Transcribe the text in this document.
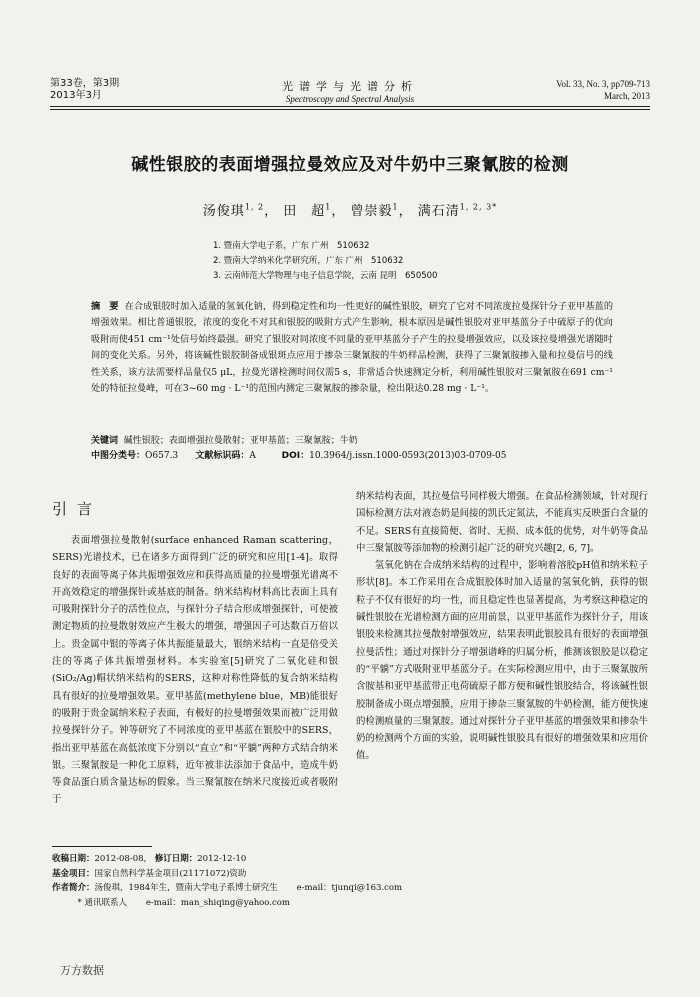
第33卷，第3期
2013年3月
光谱学与光谱分析
Spectroscopy and Spectral Analysis
Vol. 33, No. 3, pp709-713
March, 2013
碱性银胶的表面增强拉曼效应及对牛奶中三聚氰胺的检测
汤俊琪$^{1, 2}$， 田　超$^1$， 曾崇毅$^1$， 满石清$^{1, 2, 3*}$
1. 暨南大学电子系，广东 广州　510632
2. 暨南大学纳米化学研究所，广东 广州　510632
3. 云南师范大学物理与电子信息学院，云南 昆明　650500
摘　要 在合成银胶时加入适量的氢氧化钠，得到稳定性和均一性更好的碱性银胶，研究了它对不同浓度拉曼探针分子亚甲基蓝的增强效果。相比普通银胶，浓度的变化不对其和银胶的吸附方式产生影响，根本原因是碱性银胶对亚甲基蓝分子中硫原子的优向吸附而使451 cm⁻¹处信号始终最强。研究了银胶对同浓度不同量的亚甲基蓝分子产生的拉曼增强效应，以及该拉曼增强光谱随时间的变化关系。另外，将该碱性银胶制备成银斑点应用于掺杂三聚氰胺的牛奶样品检测，获得了三聚氰胺掺入量和拉曼信号的线性关系，该方法需要样品量仅5 μL，拉曼光谱检测时间仅需5 s，非常适合快速测定分析，利用碱性银胶对三聚氰胺在691 cm⁻¹处的特征拉曼峰，可在3~60 mg · L⁻¹的范围内测定三聚氰胺的掺杂量，检出限达0.28 mg · L⁻¹。
关键词 碱性银胶；表面增强拉曼散射；亚甲基蓝；三聚氰胺；牛奶
中图分类号：O657.3 文献标识码：A	DOI：10.3964/j.issn.1000-0593(2013)03-0709-05
引言

表面增强拉曼散射(surface enhanced Raman scattering，SERS)光谱技术，已在诸多方面得到广泛的研究和应用[1-4]。取得良好的表面等离子体共振增强效应和获得高质量的拉曼增强光谱离不开高效稳定的增强探针或基底的制备。纳米结构材料高比表面上具有可吸附探针分子的活性位点，与探针分子结合形成增强探针，可使被测定物质的拉曼散射效应产生极大的增强，增强因子可达数百万倍以上。贵金属中银的等离子体共振能量最大，银纳米结构一直是倍受关注的等离子体共振增强材料。本实验室[5]研究了二氧化硅和银(SiO₂/Ag)帽状纳米结构的SERS，这种对称性降低的复合纳米结构具有很好的拉曼增强效果。亚甲基蓝(methylene blue，MB)能很好的吸附于贵金属纳米粒子表面，有极好的拉曼增强效果而被广泛用做拉曼探针分子。钟等研究了不同浓度的亚甲基蓝在银胶中的SERS，指出亚甲基蓝在高低浓度下分别以“直立”和“平躺”两种方式结合纳米银。三聚氰胺是一种化工原料，近年被非法添加于食品中，造成牛奶等食品蛋白质含量达标的假象。当三聚氰胺在纳米尺度接近或者吸附于

纳米结构表面，其拉曼信号同样极大增强。在食品检测领域，针对现行国标检测方法对液态奶是间接的凯氏定氮法，不能真实反映蛋白含量的不足。SERS有直接简便、省时、无损、成本低的优势，对牛奶等食品中三聚氰胺等添加物的检测引起广泛的研究兴趣[2, 6, 7]。

氢氧化钠在合成纳米结构的过程中，影响着溶胶pH值和纳米粒子形状[8]。本工作采用在合成银胶体时加入适量的氢氧化钠，获得的银粒子不仅有很好的均一性，而且稳定性也显著提高，为考察这种稳定的碱性银胶在光谱检测方面的应用前景，以亚甲基蓝作为探针分子，用该银胶来检测其拉曼散射增强效应，结果表明此银胶具有很好的表面增强拉曼活性；通过对探针分子增强谱峰的归属分析，推测该银胶是以稳定的“平躺”方式吸附亚甲基蓝分子。在实际检测应用中，由于三聚氰胺所含胺基和亚甲基蓝带正电荷硫原子都方便和碱性银胶结合，将该碱性银胶制备成小斑点增强膜，应用于掺杂三聚氰胺的牛奶检测，能方便快速的检测痕量的三聚氰胺。通过对探针分子亚甲基蓝的增强效果和掺杂牛奶的检测两个方面的实验，说明碱性银胶具有很好的增强效果和应用价值。

收稿日期：2012-08-08， 修订日期：2012-12-10
基金项目：国家自然科学基金项目(21171072)资助
作者简介：汤俊琪，1984年生，暨南大学电子系博士研究生 e-mail：tjunqi@163.com
* 通讯联系人 e-mail：man_shiqing@yahoo.com
万方数据
